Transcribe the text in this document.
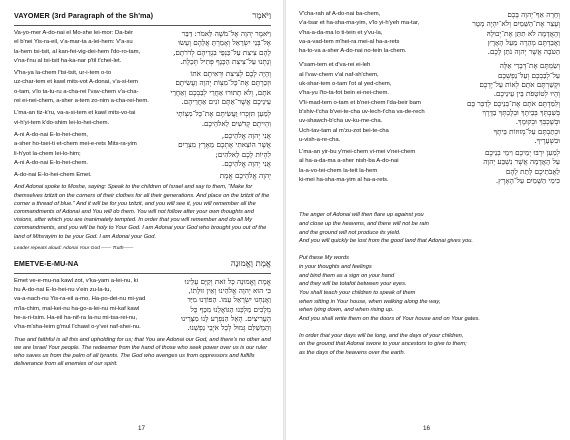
VAYOMER (3rd Paragraph of the Sh'ma)	וַיֹּאמֶר
Va-yo-mer A-do-nai el Mo-she lei-mor: Da-bér
el b'nei Yis-ra-eil, v'a-mar-ta a-lei-hem: V'a-su
la-hem tsi-tsit, al kan-fei-vig-dei-hem l'do-ro-tam,
v'na-t'nu al tsi-tsit ha-ka-nar p'til t'chei-let.
וַיֹּאמֶר יְהוָה אֶל־מֹשֶׁה לֵּאמֹר: דַּבֵּר
אֶל־בְּנֵי יִשְׂרָאֵל וְאָמַרְתָּ אֲלֵהֶם וְעָשׂוּ
לָהֶם צִיצִת עַל־כַּנְפֵי בִגְדֵיהֶם לְדֹרֹתָם,
וְנָתְנוּ עַל־צִיצִת הַכָּנָף פְּתִיל תְּכֵלֶת.
V'ha-ya la-chem l'tsi-tsit, ur-i-tem o-to
uz-char-tem et kawl mits-vot A-donai, v'a-si-tem
o-tam, v'lo ta-tu-ru a-cha-rei l'vav-chem v'a-cha-
rei ei-nei-chem, a-sher a-tem zo-nim a-cha-rei-hem.
וְהָיָה לָכֶם לְצִיצִת וּרְאִיתֶם אֹתוֹ
וּזְכַרְתֶּם אֶת־כָּל־מִצְוֹת יְהוָה וַעֲשִׂיתֶם
אֹתָם, וְלֹא תָתוּרוּ אַחֲרֵי לְבַבְכֶם וְאַחֲרֵי
עֵינֵיכֶם אֲשֶׁר־אַתֶּם זֹנִים אַחֲרֵיהֶם.
L'ma-an tiz-k'ru, va-a-si-tem et kawl mits-vo-tai
vi-h'yi-tem k'do-shim lei-lo-hei-chem.
לְמַעַן תִּזְכְּרוּ וַעֲשִׂיתֶם אֶת־כָּל־מִצְוֹתָי
וִהְיִיתֶם קְדֹשִׁים לֵאלֹהֵיכֶם.
A-ni A-do-nai E-lo-hei-chem,
a-sher ho-tsei-ti et-chem mei-e-rets Mits-ra-yim
li-h'yot la-chem lei-lo-him;
A-ni A-do-nai E-lo-hei-chem.
אֲנִי יְהוָה אֱלֹהֵיכֶם,
אֲשֶׁר הוֹצֵאתִי אֶתְכֶם מֵאֶרֶץ מִצְרַיִם
לִהְיוֹת לָכֶם לֵאלֹהִים;
אֲנִי יְהוָה אֱלֹהֵיכֶם.
A-do-nai E-lo-hei-chem Emet.	יְהוָה אֱלֹהֵיכֶם אֱמֶת
And Adonai spoke to Moshe, saying: Speak to the children of Israel and say to them, "Make for themselves tzitzit on the corners of their clothes for all their generations. And place on the tzitzit of the corner a thread of blue." And it will be for you tzitzit, and you will see it, you will remember all the commandments of Adonai and You will do them. You will not follow after your own thoughts and visions, after which you are inanimately tempted. In order that you will remember and do all My commandments, and you will be holy to Your God. I am Adonai your God who brought you out of the land of Mitsrayim to be your God. I am Adonai your God.
Leader repeats aloud: Adonai Your God —— Truth——
EMETVE-E-MU-NA	אֱמֶת וֶאֱמוּנָה
Emet ve-e-mu-na kawl zot, v'ka-yam a-lei-nu, ki
hu A-do-nai E-lo-hei-nu v'ein zu-la-tu,
va-a-nach-nu Yis-ra-eil a-mo. Ha-po-dei-nu mi-yad
m'la-chim, mal-kei-nu ha-go-a-lei-nu mi-kaf kawl
he-a-ri-tsim. Ha-eil ha-nif-ra la-nu mi-tsa-rei-nu,
v'ha-m'sha-leim g'mul l'chawl o-y'vei naf-shei-nu.
אֱמֶת וֶאֱמוּנָה כָּל זֹאת וְקַיָּם עָלֵינוּ
כִּי הוּא יְהוָה אֱלֹהֵינוּ וְאֵין זוּלָתוֹ,
וַאֲנַחְנוּ יִשְׂרָאֵל עַמּוֹ. הַפּוֹדֵנוּ מִיַּד
מְלָכִים מַלְכֵּנוּ הַגּוֹאֲלֵנוּ מִכַּף כָּל
הֶעָרִיצִים. הָאֵל הַנִּפְרָע לָנוּ מִצָּרֵינוּ
וְהַמְשַׁלֵּם גְּמוּל לְכָל אֹיְבֵי נַפְשֵׁנוּ.
True and faithful is all this and upholding for us; that You are Adonai our God, and there's no other and we are Israel Your people. The redeemer from the hand of those who seek power over us is our ruler who saves us from the palm of all tyrants. The God who avenges us from oppressors and fulfills deliverance from all enemies of our spirit.
17
V'cha-rah af A-do-nai ba-chem,
v'a-tsar et ha-sha-ma-yim, v'lo yi-h'yeh ma-tar,
v'ha-a-da-ma lo ti-tein et y'vu-la,
va-a-vad-tem m'hei-ra mei-al ha-a-rets
ha-to-va a-sher A-do-nai no-tein la-chem.
וְחָרָה אַף־יְהוָה בָּכֶם
וְעָצַר אֶת־הַשָּׁמַיִם וְלֹא־יִהְיֶה מָטָר
וְהָאֲדָמָה לֹא תִתֵּן אֶת־יְבוּלָהּ
וַאֲבַדְתֶּם מְהֵרָה מֵעַל הָאָרֶץ
הַטֹּבָה אֲשֶׁר יְהוָה נֹתֵן לָכֶם.
V'sam-tem et d'va-rei ei-leh
al l'vav-chem v'al naf-sh'chem,
uk-shar-tem o-tam l'ot al yed-chem,
v'ha-yu l'to-ta-fot bein ei-nei-chem.
V'li-mad-tem o-tam et b'nei-chem l'da-beir bam
b'shiv-t'cha b'vei-te-cha uv-lech-t'cha va-de-rech
uv-shawch-b'cha uv-ku-me-cha.
Uch-tav-tam al m'zu-zot bei-te-cha
u-vish-a-re-cha.
וְשַׂמְתֶּם אֶת־דְּבָרַי אֵלֶּה
עַל־לְבַבְכֶם וְעַל־נַפְשְׁכֶם
וּקְשַׁרְתֶּם אֹתָם לְאוֹת עַל־יֶדְכֶם
וְהָיוּ לְטוֹטָפֹת בֵּין עֵינֵיכֶם.
וְלִמַּדְתֶּם אֹתָם אֶת־בְּנֵיכֶם לְדַבֵּר בָּם
בְּשִׁבְתְּךָ בְּבֵיתֶךָ וּבְלֶכְתְּךָ בַדֶּרֶךְ
וּבְשָׁכְבְּךָ וּבְקוּמֶךָ.
וּכְתַבְתָּם עַל־מְזוּזוֹת בֵּיתֶךָ
וּבִשְׁעָרֶיךָ.
L'ma-an yir-bu y'mei-chem vi-mei v'nei-chem
al ha-a-da-ma a-sher nish-ba A-do-nai
la-a-vo-tei-chem la-teit la-hem
ki-mei ha-sha-ma-yim al ha-a-rets.
לְמַעַן יִרְבּוּ יְמֵיכֶם וִימֵי בְנֵיכֶם
עַל הָאֲדָמָה אֲשֶׁר נִשְׁבַּע יְהוָה
לַאֲבֹתֵיכֶם לָתֵת לָהֶם
כִּימֵי הַשָּׁמַיִם עַל־הָאָרֶץ.
The anger of Adonai will then flare up against you
and close up the heavens, and there will not be rain
and the ground will not produce its yield.
And you will quickly be lost from the good land that Adonai gives you.
Put these My words
in your thoughts and feelings
and bind them as a sign on your hand
and they will be totafot between your eyes.
You shall teach your children to speak of them
when sitting in Your house, when walking along the way,
when lying down, and when rising up.
And you shall write them on the doors of Your house and on Your gates.
In order that your days will be long, and the days of your children,
on the ground that Adonai swore to your ancestors to give to them;
as the days of the heavens over the earth.
16
